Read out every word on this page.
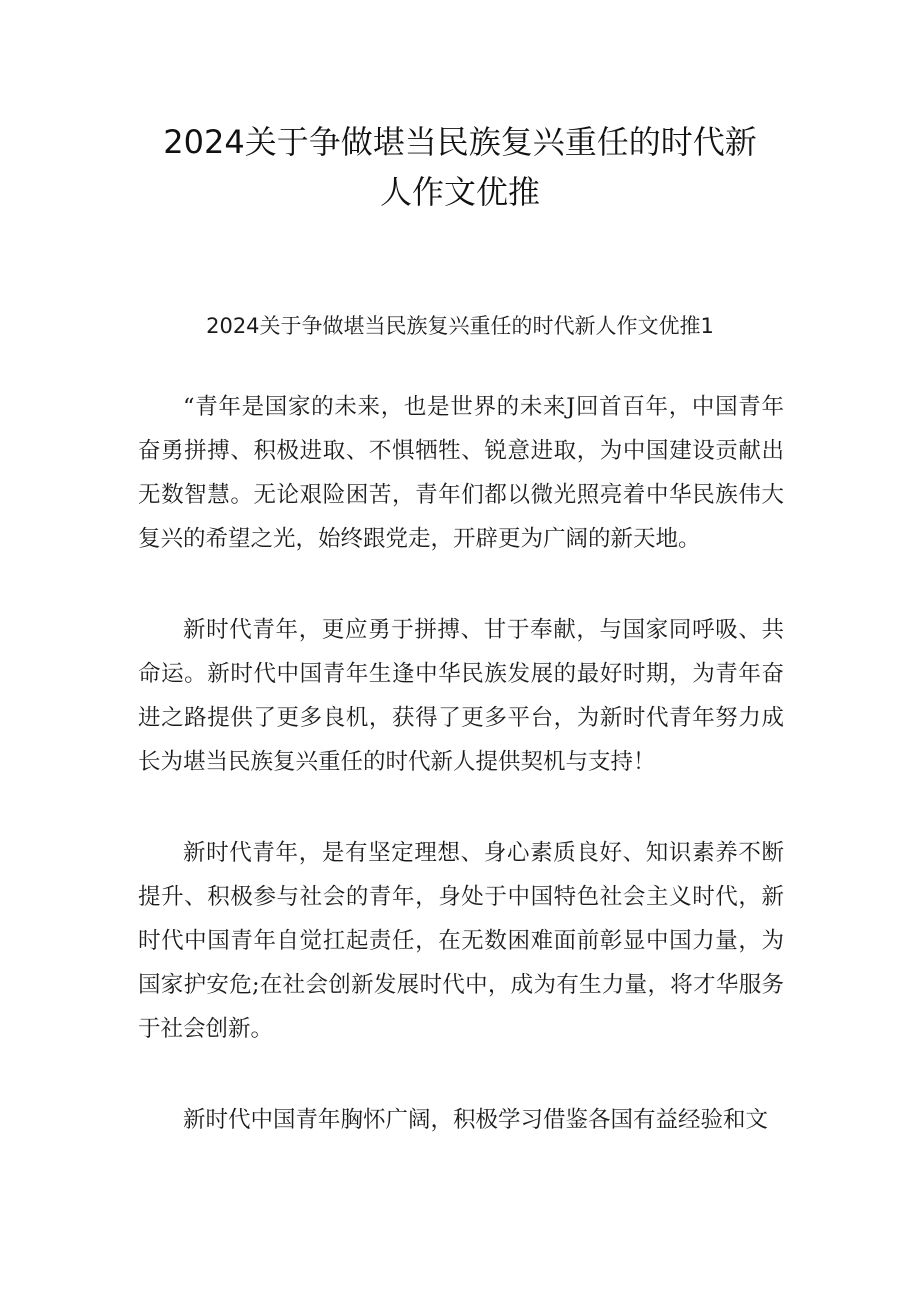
2024关于争做堪当民族复兴重任的时代新
人作文优推

2024关于争做堪当民族复兴重任的时代新人作文优推1

“青年是国家的未来，也是世界的未来J回首百年，中国青年奋勇拼搏、积极进取、不惧牺牲、锐意进取，为中国建设贡献出无数智慧。无论艰险困苦，青年们都以微光照亮着中华民族伟大复兴的希望之光，始终跟党走，开辟更为广阔的新天地。

新时代青年，更应勇于拼搏、甘于奉献，与国家同呼吸、共命运。新时代中国青年生逢中华民族发展的最好时期，为青年奋进之路提供了更多良机，获得了更多平台，为新时代青年努力成长为堪当民族复兴重任的时代新人提供契机与支持！

新时代青年，是有坚定理想、身心素质良好、知识素养不断提升、积极参与社会的青年，身处于中国特色社会主义时代，新时代中国青年自觉扛起责任，在无数困难面前彰显中国力量，为国家护安危;在社会创新发展时代中，成为有生力量，将才华服务于社会创新。

新时代中国青年胸怀广阔，积极学习借鉴各国有益经验和文
